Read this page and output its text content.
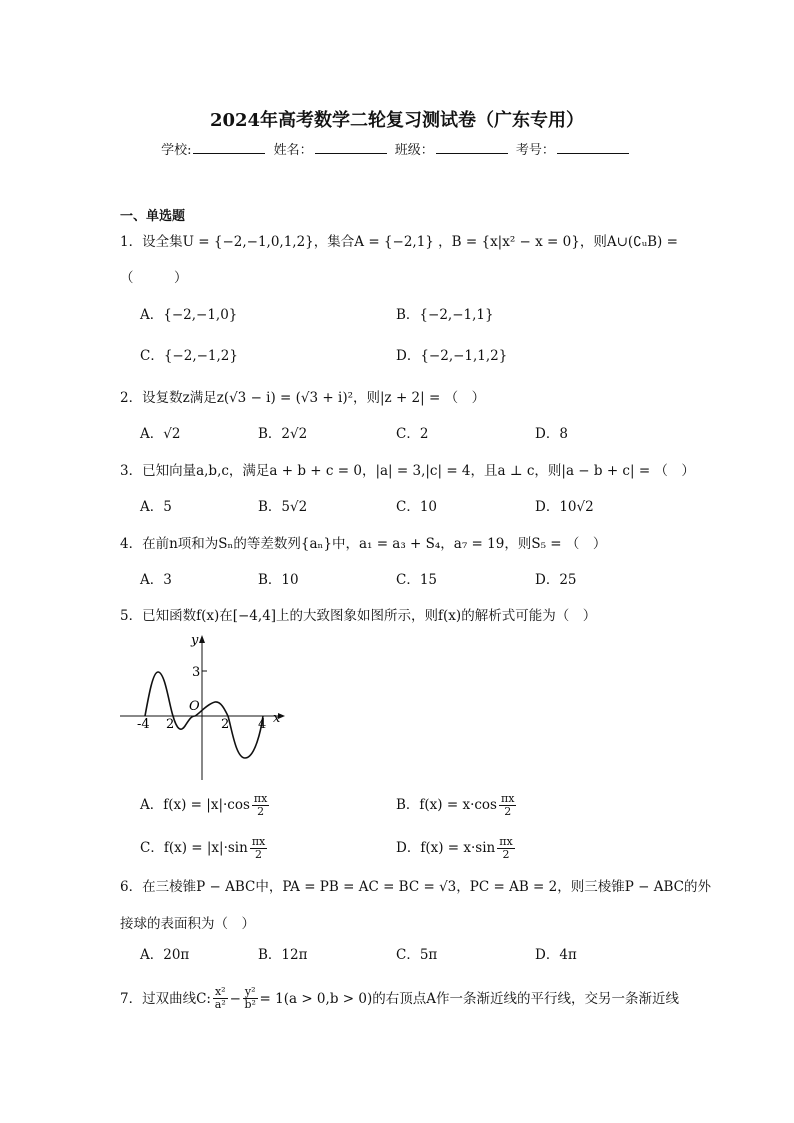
2024年高考数学二轮复习测试卷（广东专用）
学校:	姓名：	班级：	考号：
一、单选题
1．设全集U = {−2,−1,0,1,2}，集合A = {−2,1} ，B = {x|x² − x = 0}，则A∪(∁ᵤB) =
（　　　）
A．{−2,−1,0}	B．{−2,−1,1}
C．{−2,−1,2}	D．{−2,−1,1,2}
2．设复数z满足z(√3 − i) = (√3 + i)²，则|z + 2| = （　）
A．√2	B．2√2	C．2	D．8
3．已知向量a,b,c，满足a + b + c = 0，|a| = 3,|c| = 4，且a ⊥ c，则|a − b + c| = （　）
A．5	B．5√2	C．10	D．10√2
4．在前n项和为Sₙ的等差数列{aₙ}中，a₁ = a₃ + S₄，a₇ = 19，则S₅ = （　）
A．3	B．10	C．15	D．25
5．已知函数f(x)在[−4,4]上的大致图象如图所示，则f(x)的解析式可能为（　）
y
x
O
3
-4 2	2 4
A．$f(x) = |x|\cdot\cos \frac{\pi x}{2}$	B．$f(x) = x\cdot\cos \frac{\pi x}{2}$
C．$f(x) = |x|\cdot\sin \frac{\pi x}{2}$	D．$f(x) = x\cdot\sin \frac{\pi x}{2}$
6．在三棱锥P − ABC中，PA = PB = AC = BC = √3，PC = AB = 2，则三棱锥P − ABC的外
接球的表面积为（　）
A．20π	B．12π	C．5π	D．4π
7．过双曲线C: $\frac{\text{x²}}{\text{a²}} - \frac{\text{y²}}{\text{b²}} = 1(a > 0,b > 0)$的右顶点A作一条渐近线的平行线，交另一条渐近线
